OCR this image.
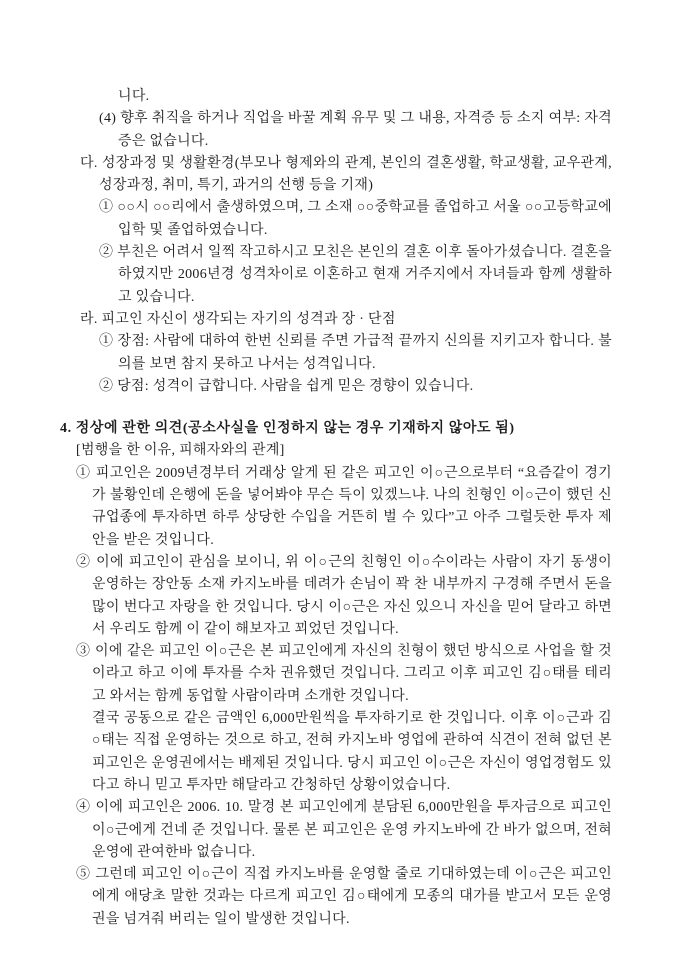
니다.

(4) 향후 취직을 하거나 직업을 바꿀 계획 유무 및 그 내용, 자격증 등 소지 여부: 자격증은 없습니다.

다. 성장과정 및 생활환경(부모나 형제와의 관계, 본인의 결혼생활, 학교생활, 교우관계, 성장과정, 취미, 특기, 과거의 선행 등을 기재)

① ○○시 ○○리에서 출생하였으며, 그 소재 ○○중학교를 졸업하고 서울 ○○고등학교에 입학 및 졸업하였습니다.

② 부친은 어려서 일찍 작고하시고 모친은 본인의 결혼 이후 돌아가셨습니다. 결혼을 하였지만 2006년경 성격차이로 이혼하고 현재 거주지에서 자녀들과 함께 생활하고 있습니다.

라. 피고인 자신이 생각되는 자기의 성격과 장 · 단점

① 장점: 사람에 대하여 한번 신뢰를 주면 가급적 끝까지 신의를 지키고자 합니다. 불의를 보면 참지 못하고 나서는 성격입니다.

② 당점: 성격이 급합니다. 사람을 쉽게 믿은 경향이 있습니다.

4. 정상에 관한 의견(공소사실을 인정하지 않는 경우 기재하지 않아도 됨)

[범행을 한 이유, 피해자와의 관계]

① 피고인은 2009년경부터 거래상 알게 된 같은 피고인 이○근으로부터 “요즘같이 경기가 불황인데 은행에 돈을 넣어봐야 무슨 득이 있겠느냐. 나의 친형인 이○근이 했던 신규업종에 투자하면 하루 상당한 수입을 거뜬히 벌 수 있다”고 아주 그럴듯한 투자 제안을 받은 것입니다.

② 이에 피고인이 관심을 보이니, 위 이○근의 친형인 이○수이라는 사람이 자기 동생이 운영하는 장안동 소재 카지노바를 데려가 손님이 꽉 찬 내부까지 구경해 주면서 돈을 많이 번다고 자랑을 한 것입니다. 당시 이○근은 자신 있으니 자신을 믿어 달라고 하면서 우리도 함께 이 같이 해보자고 꾀었던 것입니다.

③ 이에 같은 피고인 이○근은 본 피고인에게 자신의 친형이 했던 방식으로 사업을 할 것이라고 하고 이에 투자를 수차 권유했던 것입니다. 그리고 이후 피고인 김○태를 테리고 와서는 함께 동업할 사람이라며 소개한 것입니다.

결국 공동으로 같은 금액인 6,000만원씩을 투자하기로 한 것입니다. 이후 이○근과 김○태는 직접 운영하는 것으로 하고, 전혀 카지노바 영업에 관하여 식견이 전혀 없던 본 피고인은 운영권에서는 배제된 것입니다. 당시 피고인 이○근은 자신이 영업경험도 있다고 하니 믿고 투자만 해달라고 간청하던 상황이었습니다.

④ 이에 피고인은 2006. 10. 말경 본 피고인에게 분담된 6,000만원을 투자금으로 피고인 이○근에게 건네 준 것입니다. 물론 본 피고인은 운영 카지노바에 간 바가 없으며, 전혀 운영에 관여한바 없습니다.

⑤ 그런데 피고인 이○근이 직접 카지노바를 운영할 줄로 기대하였는데 이○근은 피고인에게 애당초 말한 것과는 다르게 피고인 김○태에게 모종의 대가를 받고서 모든 운영권을 넘겨줘 버리는 일이 발생한 것입니다.
